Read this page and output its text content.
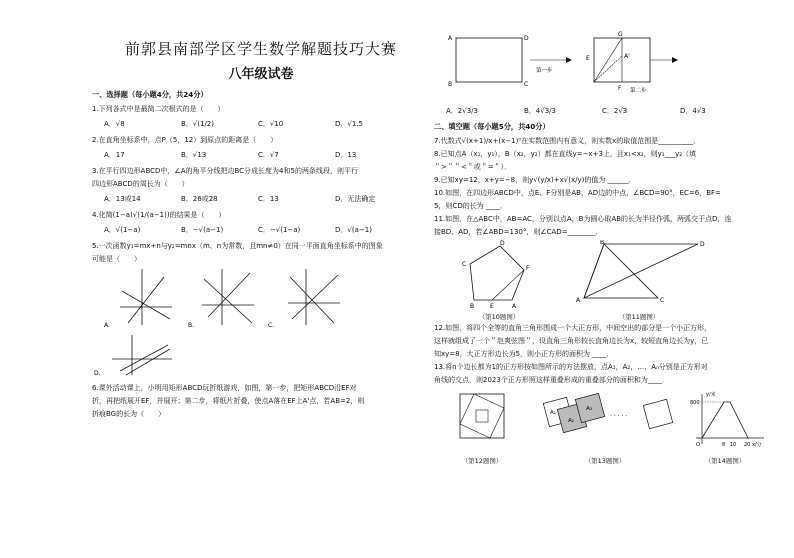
前郭县南部学区学生数学解题技巧大赛
八年级试卷
一、选择题（每小题4分，共24分）
1.下列各式中是最简二次根式的是（　　）
A．√8	B．√(1/2)	C．√10	D．√1.5
2.在直角坐标系中，点P（5，12）到原点的距离是（　　）
A．17	B．√13	C．√7	D．13
3.在平行四边形ABCD中，∠A的角平分线把边BC分成长度为4和5的两条线段，则平行
四边形ABCD的周长为（　　）
A．13或14	B．26或28	C．13	D．无法确定
4.化简(1−a)√(1/(a−1))的结果是（　　）
A．√(1−a)	B．−√(a−1)	C．−√(1−a)	D．√(a−1)
5.一次函数y₁=mx+n与y₂=mnx（m、n为常数，且mn≠0）在同一平面直角坐标系中的图象
可能是（　　）
A.	B.	C.

D.
6.课外活动课上，小明用矩形ABCD玩折纸游戏，如图，第一步，把矩形ABCD沿EF对
折，再把纸展开EF，并展开；第二步，将纸片折叠，使点A落在EF上A'点，若AB=2，则
折痕BG的长为（　　）
A	D
B	C
第一步
第二步
G
A'
F
E
A．2√3/3	B．4√3/3	C．2√3	D．4√3
二、填空题（每小题5分，共40分）
7.代数式√(x+1)/x+(x−1)⁰在实数范围内有意义，则实数x的取值范围是__________．
8.已知点A（x₁，y₁），B（x₂，y₂）都在直线y=−x+3上，且x₁<x₂，则y₁___y₂（填
＂>＂＂<＂或＂=＂）．
9.已知xy=12，x+y=−8，则y√(y/x)+x√(x/y)的值为 ______．
10.如图，在四边形ABCD中，点E、F分别是AB、AD边的中点，∠BCD=90°，EC=6，BF=
5，则CD的长为 ____．
11.如图，在△ABC中，AB=AC，分别以点A，B为圆心取AB的长为半径作弧，两弧交于点D，连
接BD、AD，若∠ABD=130°，则∠CAD=________．
D
C
F
B	E	A
B	D
A	C
（第10题图）	（第11题图）
12.如图，将四个全等的直角三角形围成一个大正方形，中间空出的部分是一个小正方形，
这样就组成了一个＂赵爽弦图＂，设直角三角形较长直角边长为x，较短直角边长为y，已
知xy=8，大正方形边长为5，则小正方形的面积为 ____．
13.将n个边长都为1的正方形按如图所示的方法摆放，点A₁，A₂，…，Aₙ分别是正方形对
角线的交点，则2023个正方形照这样重叠形成的重叠部分的面积和为____．
A₁
A₂
A₃
· · · · ·
y/米
800
x/分
O	8 10 20
（第12题图）	（第13题图）	（第14题图）
